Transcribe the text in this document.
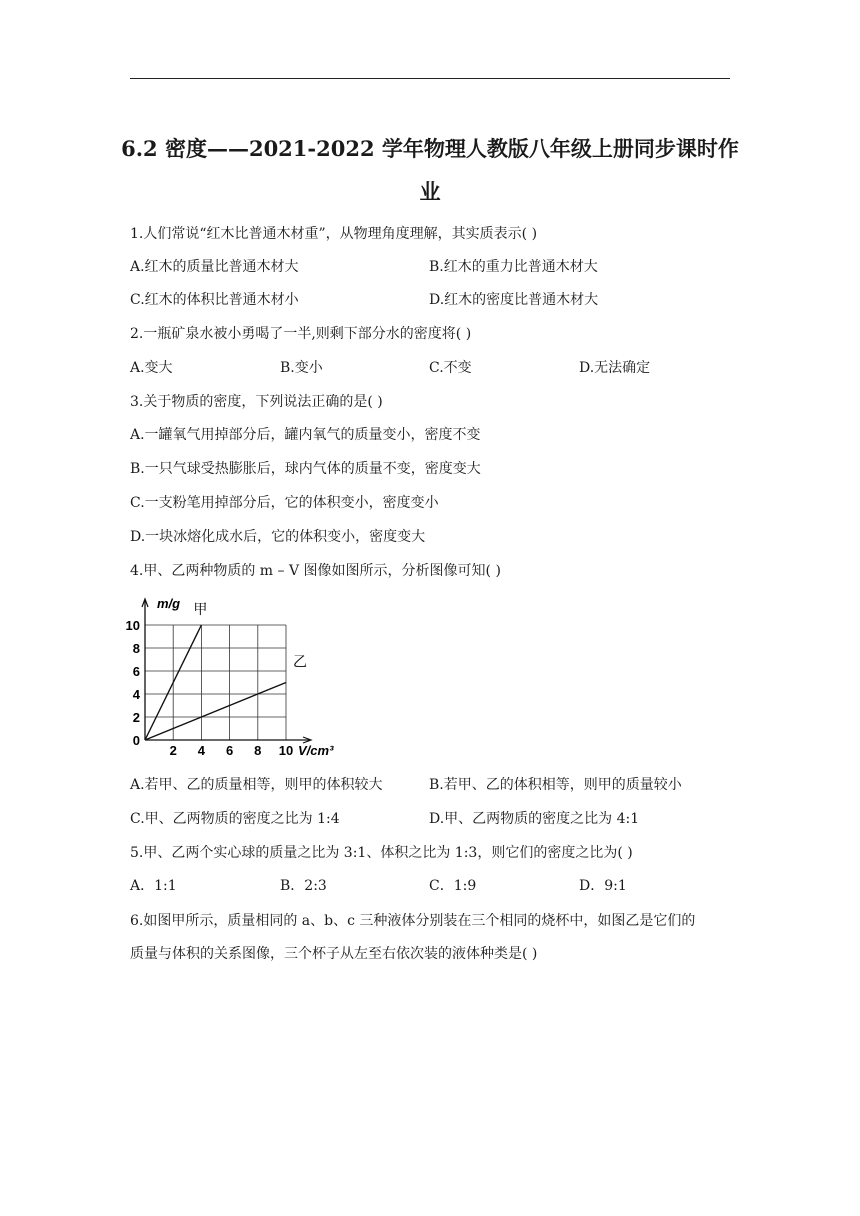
6.2 密度——2021-2022 学年物理人教版八年级上册同步课时作
业
1.人们常说“红木比普通木材重”，从物理角度理解，其实质表示( )
A.红木的质量比普通木材大	B.红木的重力比普通木材大
C.红木的体积比普通木材小	D.红木的密度比普通木材大
2.一瓶矿泉水被小勇喝了一半,则剩下部分水的密度将( )
A.变大	B.变小	C.不变	D.无法确定
3.关于物质的密度，下列说法正确的是( )
A.一罐氧气用掉部分后，罐内氧气的质量变小，密度不变
B.一只气球受热膨胀后，球内气体的质量不变，密度变大
C.一支粉笔用掉部分后，它的体积变小，密度变小
D.一块冰熔化成水后，它的体积变小，密度变大
4.甲、乙两种物质的 m – V 图像如图所示，分析图像可知( )
0
2
4
6
8
10
2 4 6 8 10
m/g
V/cm³
甲
乙
A.若甲、乙的质量相等，则甲的体积较大	B.若甲、乙的体积相等，则甲的质量较小
C.甲、乙两物质的密度之比为 1:4	D.甲、乙两物质的密度之比为 4:1
5.甲、乙两个实心球的质量之比为 3:1、体积之比为 1:3，则它们的密度之比为( )
A．1:1	B．2:3	C．1:9	D．9:1
6.如图甲所示，质量相同的 a、b、c 三种液体分别装在三个相同的烧杯中，如图乙是它们的
质量与体积的关系图像，三个杯子从左至右依次装的液体种类是( )
